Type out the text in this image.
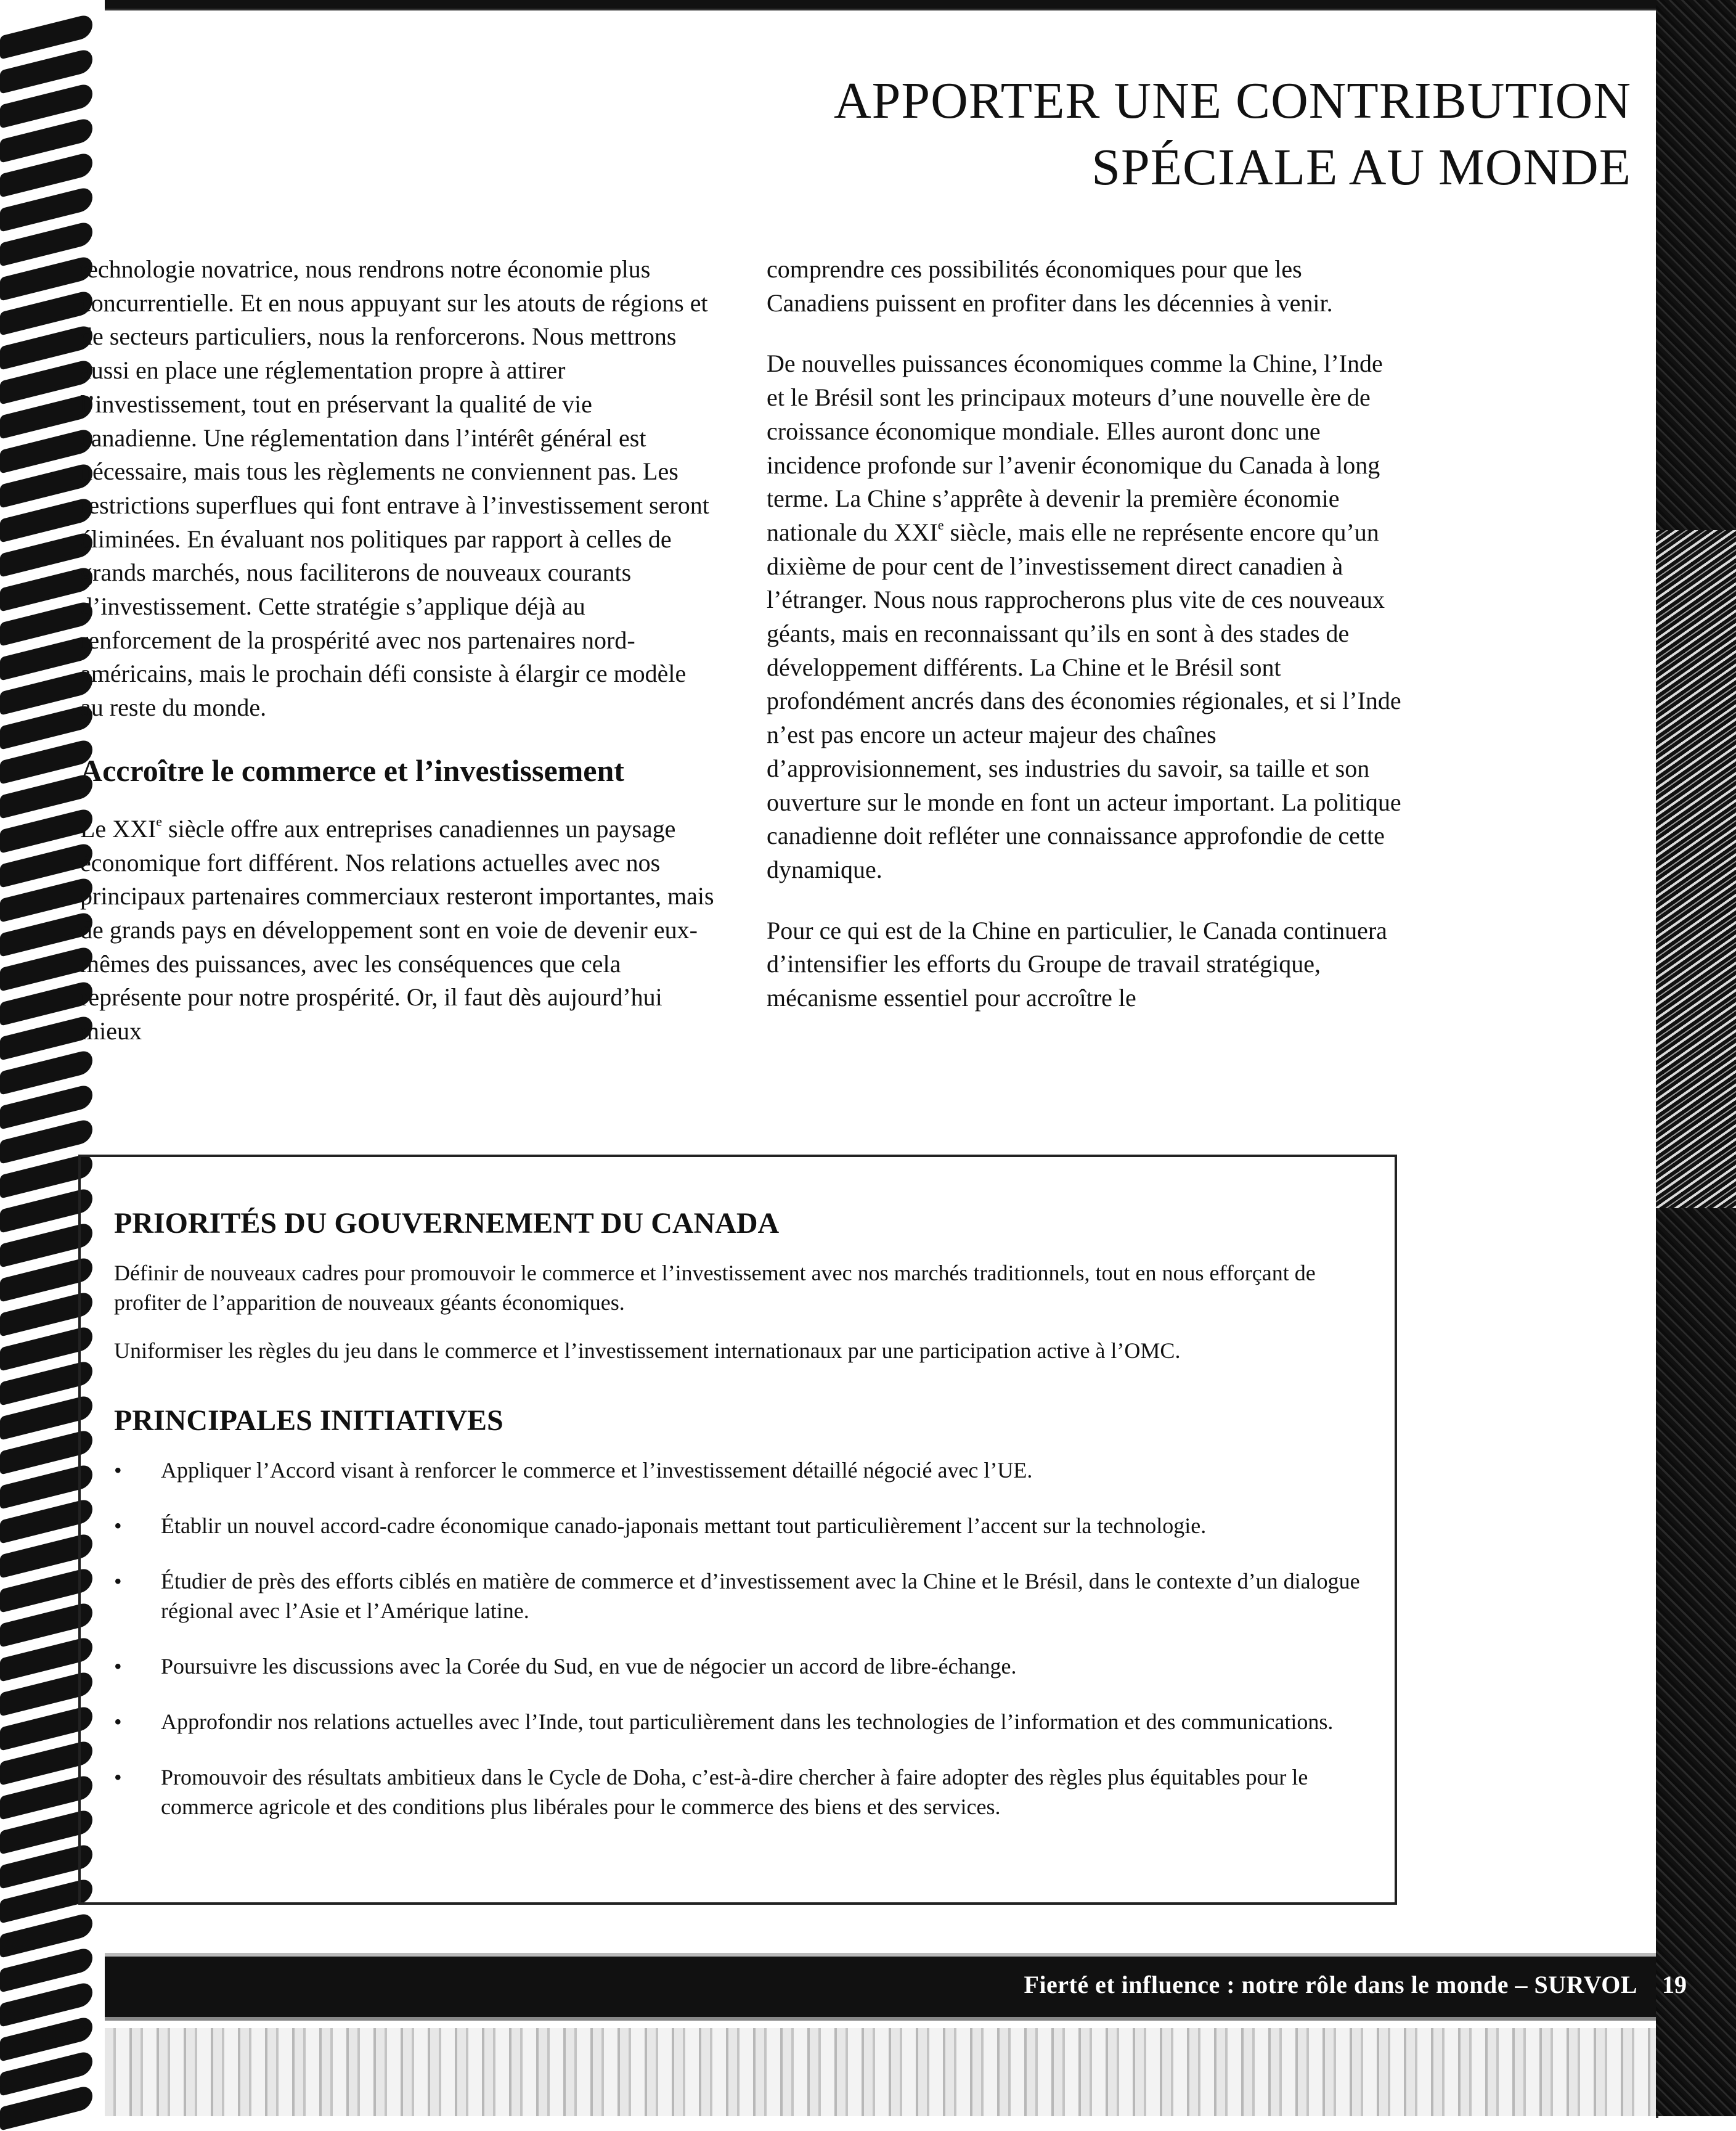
APPORTER UNE CONTRIBUTION
SPÉCIALE AU MONDE

technologie novatrice, nous rendrons notre économie plus concurrentielle. Et en nous appuyant sur les atouts de régions et de secteurs particuliers, nous la renforcerons. Nous mettrons aussi en place une réglementation propre à attirer l’investissement, tout en préservant la qualité de vie canadienne. Une réglementation dans l’intérêt général est nécessaire, mais tous les règlements ne conviennent pas. Les restrictions superflues qui font entrave à l’investissement seront éliminées. En évaluant nos politiques par rapport à celles de grands marchés, nous faciliterons de nouveaux courants d’investissement. Cette stratégie s’applique déjà au renforcement de la prospérité avec nos partenaires nord-américains, mais le prochain défi consiste à élargir ce modèle au reste du monde.

Accroître le commerce et l’investissement

Le XXIe siècle offre aux entreprises canadiennes un paysage économique fort différent. Nos relations actuelles avec nos principaux partenaires commerciaux resteront importantes, mais de grands pays en développement sont en voie de devenir eux-mêmes des puissances, avec les conséquences que cela représente pour notre prospérité. Or, il faut dès aujourd’hui mieux

comprendre ces possibilités économiques pour que les Canadiens puissent en profiter dans les décennies à venir.

De nouvelles puissances économiques comme la Chine, l’Inde et le Brésil sont les principaux moteurs d’une nouvelle ère de croissance économique mondiale. Elles auront donc une incidence profonde sur l’avenir économique du Canada à long terme. La Chine s’apprête à devenir la première économie nationale du XXIe siècle, mais elle ne représente encore qu’un dixième de pour cent de l’investissement direct canadien à l’étranger. Nous nous rapprocherons plus vite de ces nouveaux géants, mais en reconnaissant qu’ils en sont à des stades de développement différents. La Chine et le Brésil sont profondément ancrés dans des économies régionales, et si l’Inde n’est pas encore un acteur majeur des chaînes d’approvisionnement, ses industries du savoir, sa taille et son ouverture sur le monde en font un acteur important. La politique canadienne doit refléter une connaissance approfondie de cette dynamique.

Pour ce qui est de la Chine en particulier, le Canada continuera d’intensifier les efforts du Groupe de travail stratégique, mécanisme essentiel pour accroître le

PRIORITÉS DU GOUVERNEMENT DU CANADA

Définir de nouveaux cadres pour promouvoir le commerce et l’investissement avec nos marchés traditionnels, tout en nous efforçant de profiter de l’apparition de nouveaux géants économiques.

Uniformiser les règles du jeu dans le commerce et l’investissement internationaux par une participation active à l’OMC.

PRINCIPALES INITIATIVES
•	Appliquer l’Accord visant à renforcer le commerce et l’investissement détaillé négocié avec l’UE.
•	Établir un nouvel accord-cadre économique canado-japonais mettant tout particulièrement l’accent sur la technologie.
•	Étudier de près des efforts ciblés en matière de commerce et d’investissement avec la Chine et le Brésil, dans le contexte d’un dialogue régional avec l’Asie et l’Amérique latine.
•	Poursuivre les discussions avec la Corée du Sud, en vue de négocier un accord de libre-échange.
•	Approfondir nos relations actuelles avec l’Inde, tout particulièrement dans les technologies de l’information et des communications.
•	Promouvoir des résultats ambitieux dans le Cycle de Doha, c’est-à-dire chercher à faire adopter des règles plus équitables pour le commerce agricole et des conditions plus libérales pour le commerce des biens et des services.
Fierté et influence : notre rôle dans le monde – SURVOL 19
